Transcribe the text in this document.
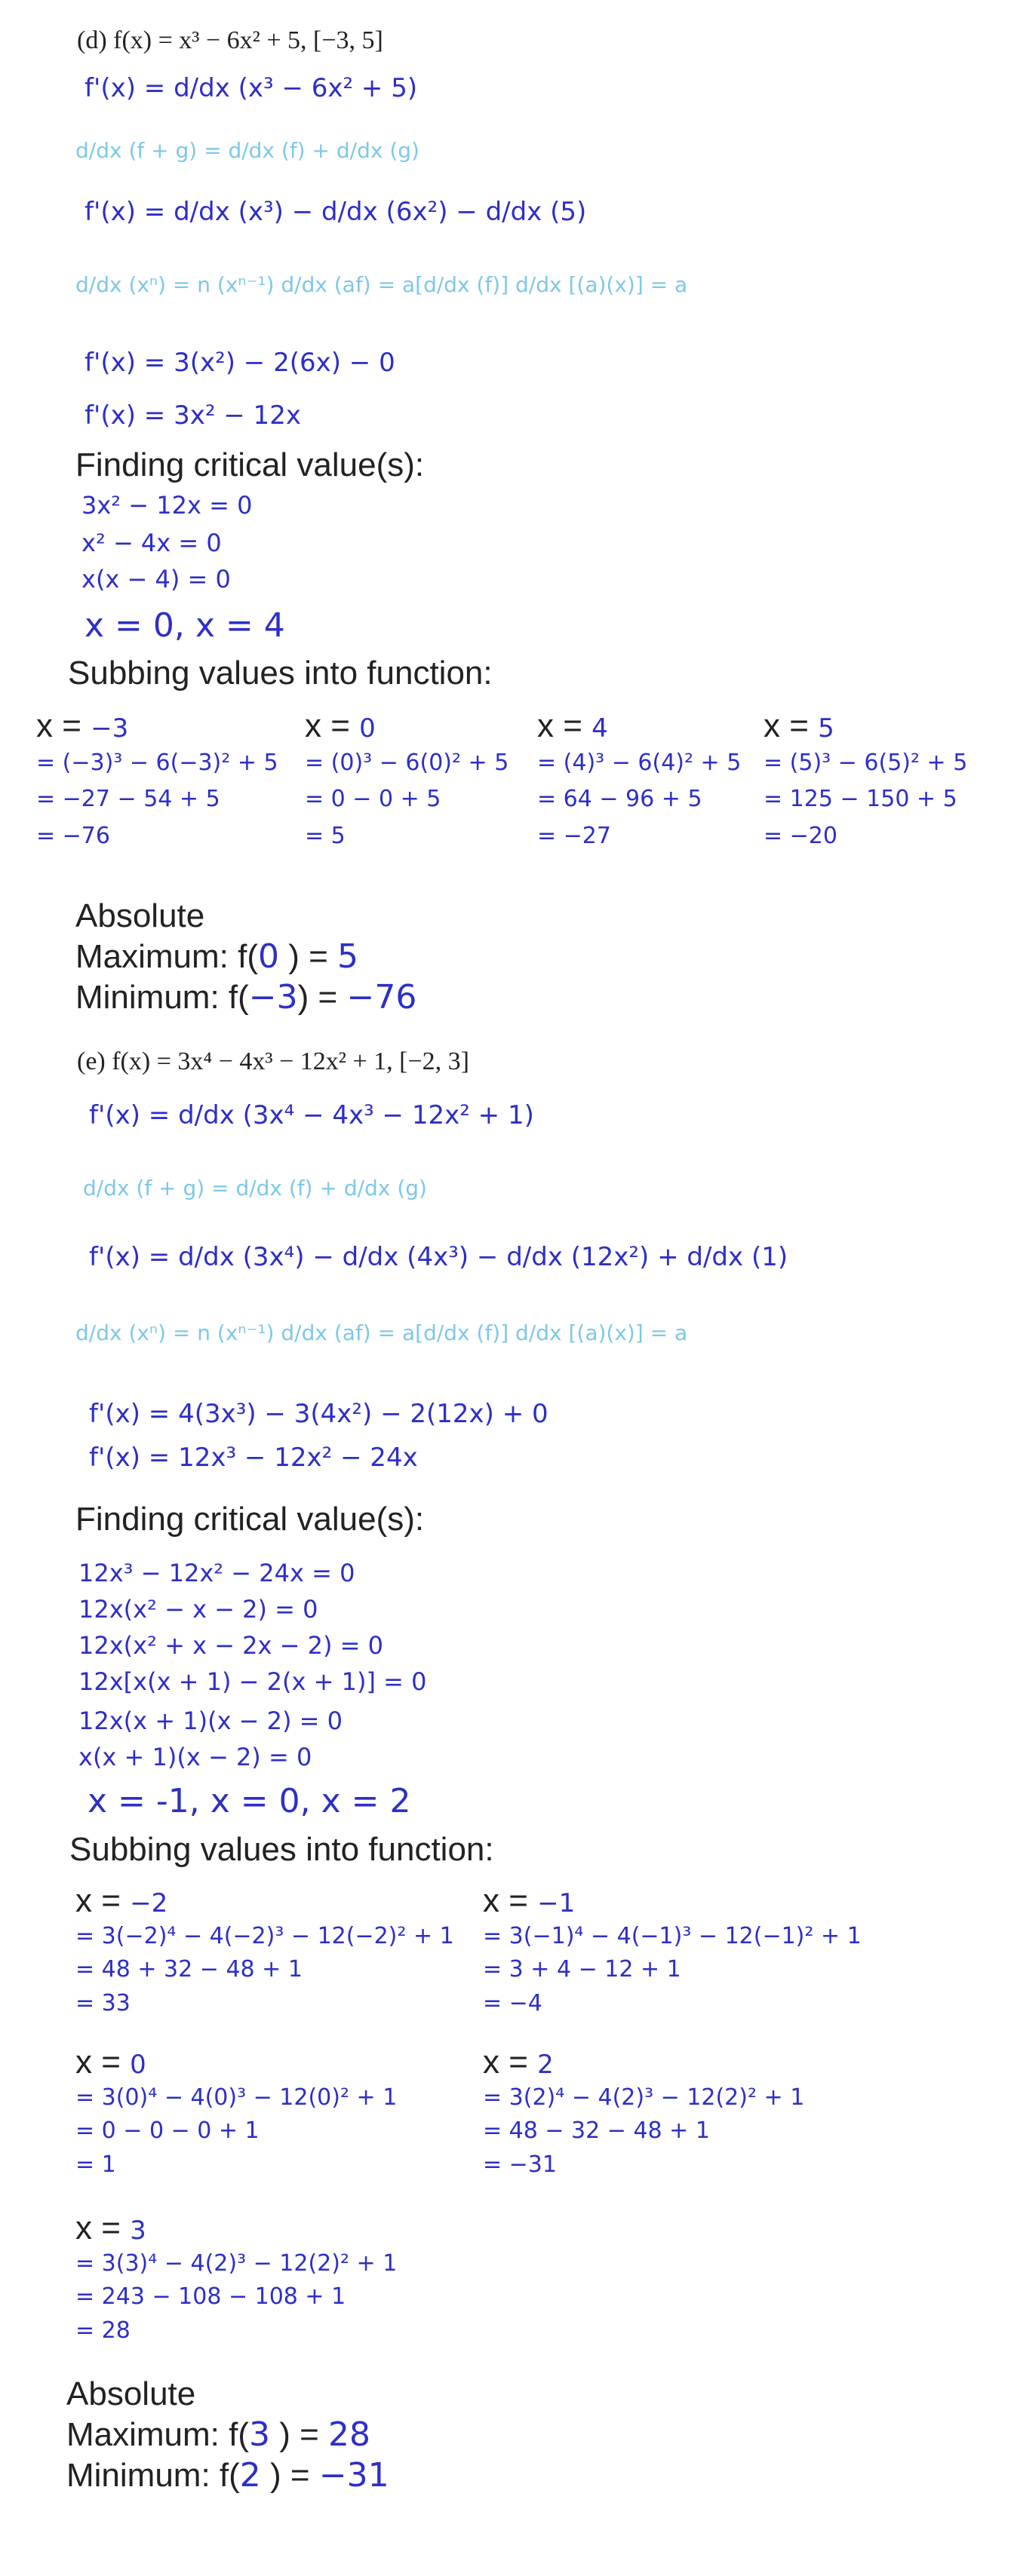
(d) f(x) = x³ − 6x² + 5, [−3, 5]
f'(x) = d/dx (x³ − 6x² + 5)
d/dx (f + g) = d/dx (f) + d/dx (g)
f'(x) = d/dx (x³) − d/dx (6x²) − d/dx (5)
d/dx (xⁿ) = n (xⁿ⁻¹) d/dx (af) = a[d/dx (f)] d/dx [(a)(x)] = a
f'(x) = 3(x²) − 2(6x) − 0
f'(x) = 3x² − 12x
Finding critical value(s):
3x² − 12x = 0
x² − 4x = 0
x(x − 4) = 0
x = 0, x = 4
Subbing values into function:
x = −3
= (−3)³ − 6(−3)² + 5
= −27 − 54 + 5
= −76
x = 0
= (0)³ − 6(0)² + 5
= 0 − 0 + 5
= 5
x = 4
= (4)³ − 6(4)² + 5
= 64 − 96 + 5
= −27
x = 5
= (5)³ − 6(5)² + 5
= 125 − 150 + 5
= −20
Absolute
Maximum: f(0 ) = 5
Minimum: f(−3) = −76
(e) f(x) = 3x⁴ − 4x³ − 12x² + 1, [−2, 3]
f'(x) = d/dx (3x⁴ − 4x³ − 12x² + 1)
d/dx (f + g) = d/dx (f) + d/dx (g)
f'(x) = d/dx (3x⁴) − d/dx (4x³) − d/dx (12x²) + d/dx (1)
d/dx (xⁿ) = n (xⁿ⁻¹) d/dx (af) = a[d/dx (f)] d/dx [(a)(x)] = a
f'(x) = 4(3x³) − 3(4x²) − 2(12x) + 0
f'(x) = 12x³ − 12x² − 24x
Finding critical value(s):
12x³ − 12x² − 24x = 0
12x(x² − x − 2) = 0
12x(x² + x − 2x − 2) = 0
12x[x(x + 1) − 2(x + 1)] = 0
12x(x + 1)(x − 2) = 0
x(x + 1)(x − 2) = 0
x = -1, x = 0, x = 2
Subbing values into function:
x = −2
= 3(−2)⁴ − 4(−2)³ − 12(−2)² + 1
= 48 + 32 − 48 + 1
= 33
x = −1
= 3(−1)⁴ − 4(−1)³ − 12(−1)² + 1
= 3 + 4 − 12 + 1
= −4
x = 0
= 3(0)⁴ − 4(0)³ − 12(0)² + 1
= 0 − 0 − 0 + 1
= 1
x = 2
= 3(2)⁴ − 4(2)³ − 12(2)² + 1
= 48 − 32 − 48 + 1
= −31
x = 3
= 3(3)⁴ − 4(2)³ − 12(2)² + 1
= 243 − 108 − 108 + 1
= 28
Absolute
Maximum: f(3 ) = 28
Minimum: f(2 ) = −31
